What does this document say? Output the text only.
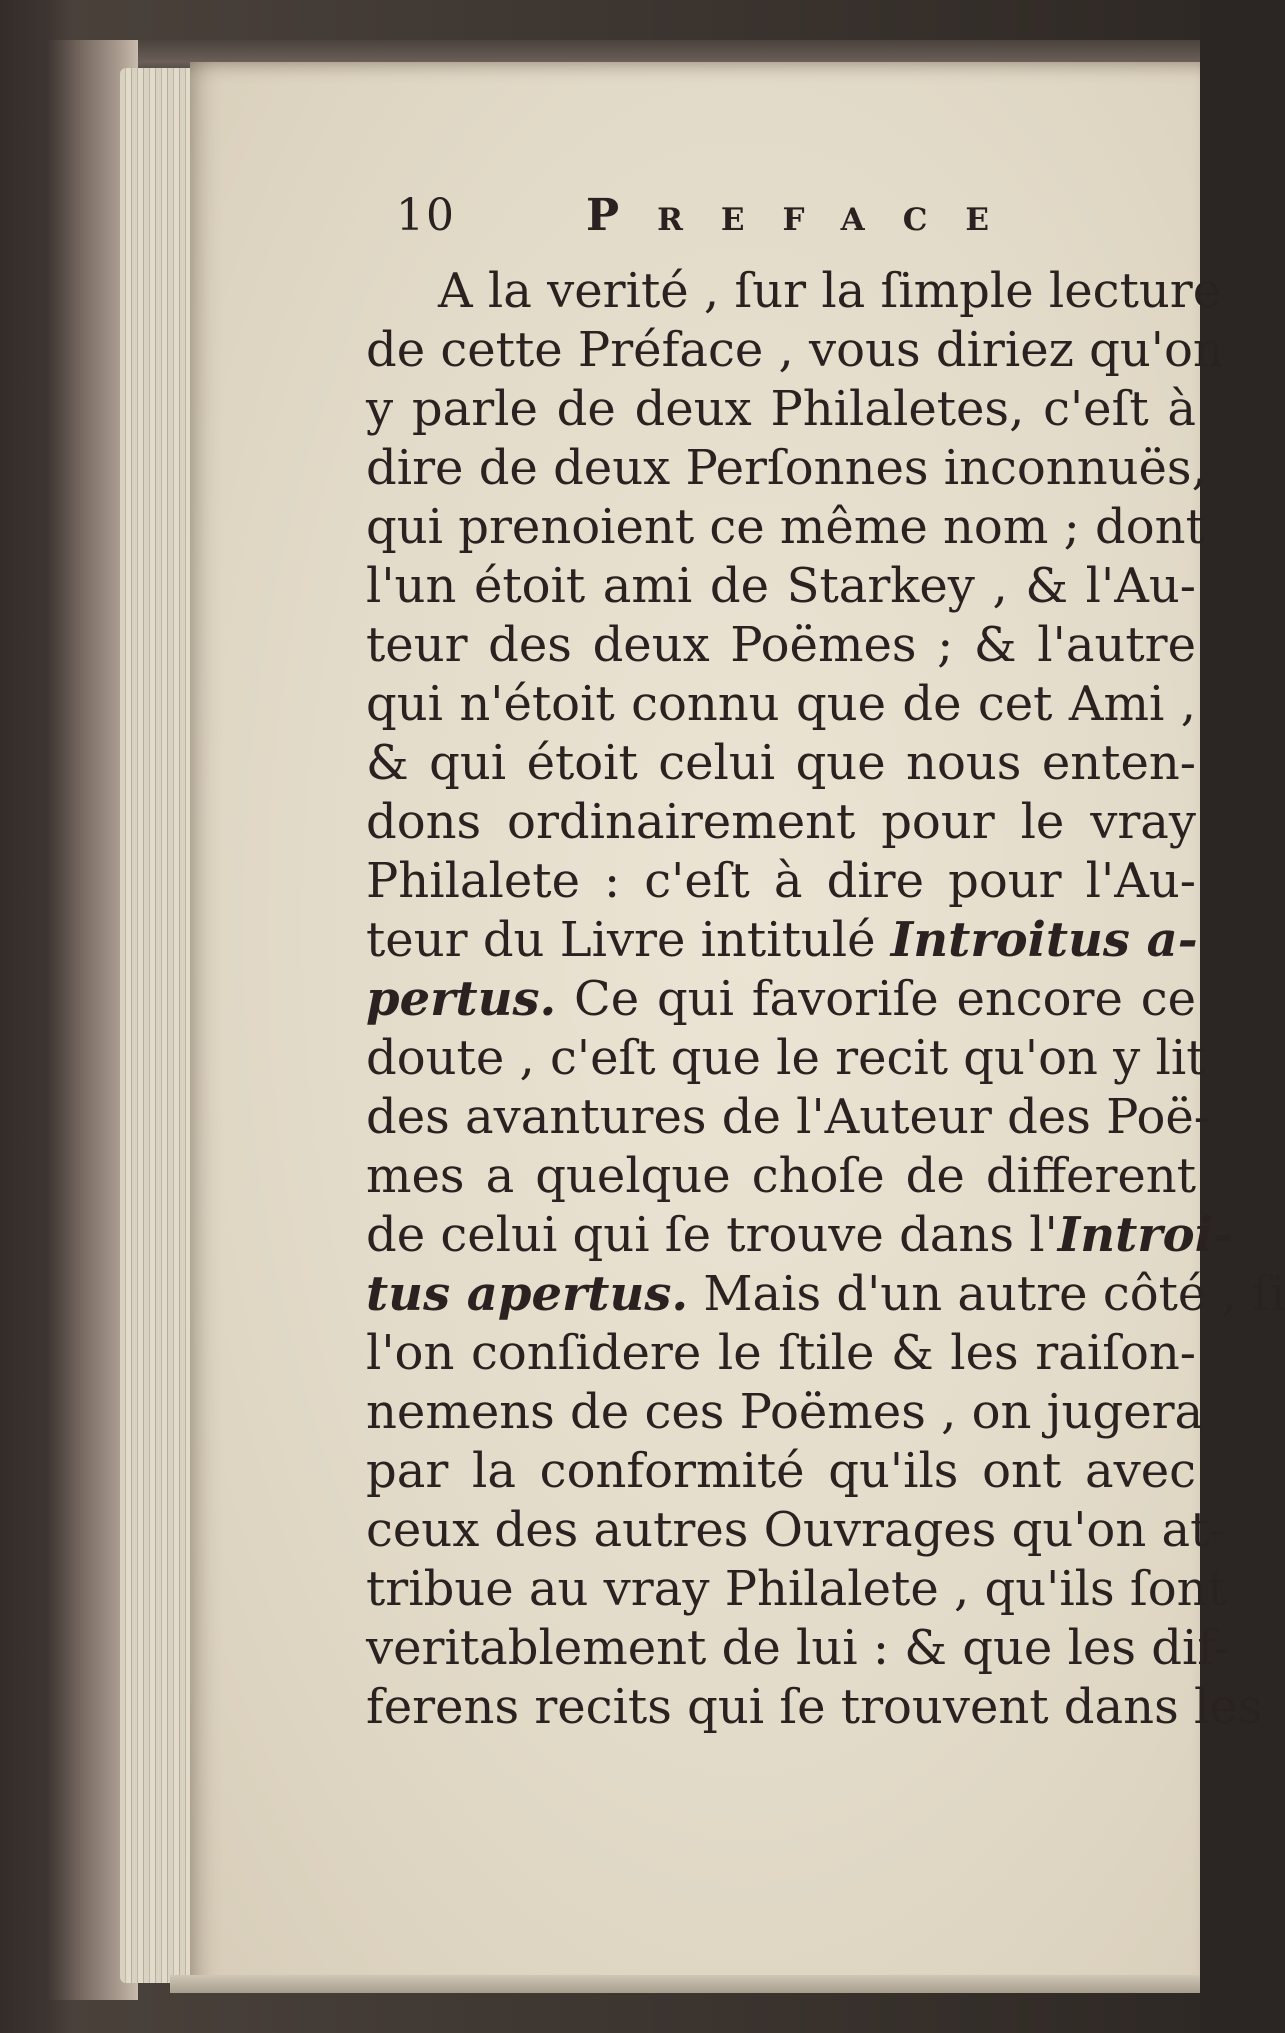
10	Preface
A la verité , ſur la ſimple lecture
de cette Préface , vous diriez qu'on
y parle de deux Philaletes, c'eſt à
dire de deux Perſonnes inconnuës,
qui prenoient ce même nom ; dont
l'un étoit ami de Starkey , & l'Au-
teur des deux Poëmes ; & l'autre
qui n'étoit connu que de cet Ami ,
& qui étoit celui que nous enten-
dons ordinairement pour le vray
Philalete : c'eſt à dire pour l'Au-
teur du Livre intitulé Introitus a-
pertus. Ce qui favoriſe encore ce
doute , c'eſt que le recit qu'on y lit
des avantures de l'Auteur des Poë-
mes a quelque choſe de different
de celui qui ſe trouve dans l'Introi-
tus apertus. Mais d'un autre côté , ſi
l'on conſidere le ſtile & les raiſon-
nemens de ces Poëmes , on jugera
par la conformité qu'ils ont avec
ceux des autres Ouvrages qu'on at-
tribue au vray Philalete , qu'ils ſont
veritablement de lui : & que les dif-
ferens recits qui ſe trouvent dans les
